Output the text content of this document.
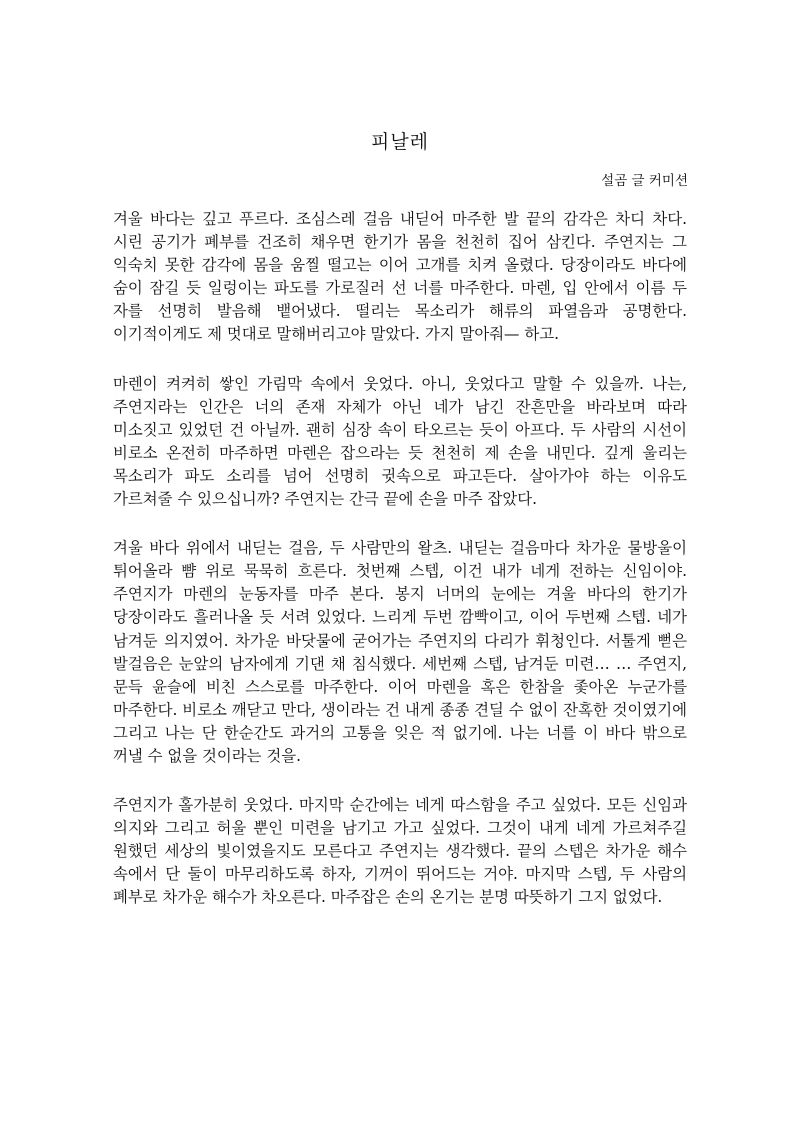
피날레
설곰 글 커미션

겨울 바다는 깊고 푸르다. 조심스레 걸음 내딛어 마주한 발 끝의 감각은 차디 차다. 시린 공기가 폐부를 건조히 채우면 한기가 몸을 천천히 집어 삼킨다. 주연지는 그 익숙치 못한 감각에 몸을 움찔 떨고는 이어 고개를 치켜 올렸다. 당장이라도 바다에 숨이 잠길 듯 일렁이는 파도를 가로질러 선 너를 마주한다. 마렌, 입 안에서 이름 두 자를 선명히 발음해 뱉어냈다. 떨리는 목소리가 해류의 파열음과 공명한다. 이기적이게도 제 멋대로 말해버리고야 말았다. 가지 말아줘— 하고.

마렌이 켜켜히 쌓인 가림막 속에서 웃었다. 아니, 웃었다고 말할 수 있을까. 나는, 주연지라는 인간은 너의 존재 자체가 아닌 네가 남긴 잔흔만을 바라보며 따라 미소짓고 있었던 건 아닐까. 괜히 심장 속이 타오르는 듯이 아프다. 두 사람의 시선이 비로소 온전히 마주하면 마렌은 잡으라는 듯 천천히 제 손을 내민다. 깊게 울리는 목소리가 파도 소리를 넘어 선명히 귓속으로 파고든다. 살아가야 하는 이유도 가르쳐줄 수 있으십니까? 주연지는 간극 끝에 손을 마주 잡았다.

겨울 바다 위에서 내딛는 걸음, 두 사람만의 왈츠. 내딛는 걸음마다 차가운 물방울이 튀어올라 뺨 위로 묵묵히 흐른다. 첫번째 스텝, 이건 내가 네게 전하는 신임이야. 주연지가 마렌의 눈동자를 마주 본다. 봉지 너머의 눈에는 겨울 바다의 한기가 당장이라도 흘러나올 듯 서려 있었다. 느리게 두번 깜빡이고, 이어 두번째 스텝. 네가 남겨둔 의지였어. 차가운 바닷물에 굳어가는 주연지의 다리가 휘청인다. 서툴게 뻗은 발걸음은 눈앞의 남자에게 기댄 채 침식했다. 세번째 스텝, 남겨둔 미련… … 주연지, 문득 윤슬에 비친 스스로를 마주한다. 이어 마렌을 혹은 한참을 좇아온 누군가를 마주한다. 비로소 깨닫고 만다, 생이라는 건 내게 종종 견딜 수 없이 잔혹한 것이였기에 그리고 나는 단 한순간도 과거의 고통을 잊은 적 없기에. 나는 너를 이 바다 밖으로 꺼낼 수 없을 것이라는 것을.

주연지가 홀가분히 웃었다. 마지막 순간에는 네게 따스함을 주고 싶었다. 모든 신임과 의지와 그리고 허울 뿐인 미련을 남기고 가고 싶었다. 그것이 내게 네게 가르쳐주길 원했던 세상의 빛이였을지도 모른다고 주연지는 생각했다. 끝의 스텝은 차가운 해수 속에서 단 둘이 마무리하도록 하자, 기꺼이 뛰어드는 거야. 마지막 스텝, 두 사람의 폐부로 차가운 해수가 차오른다. 마주잡은 손의 온기는 분명 따뜻하기 그지 없었다.
